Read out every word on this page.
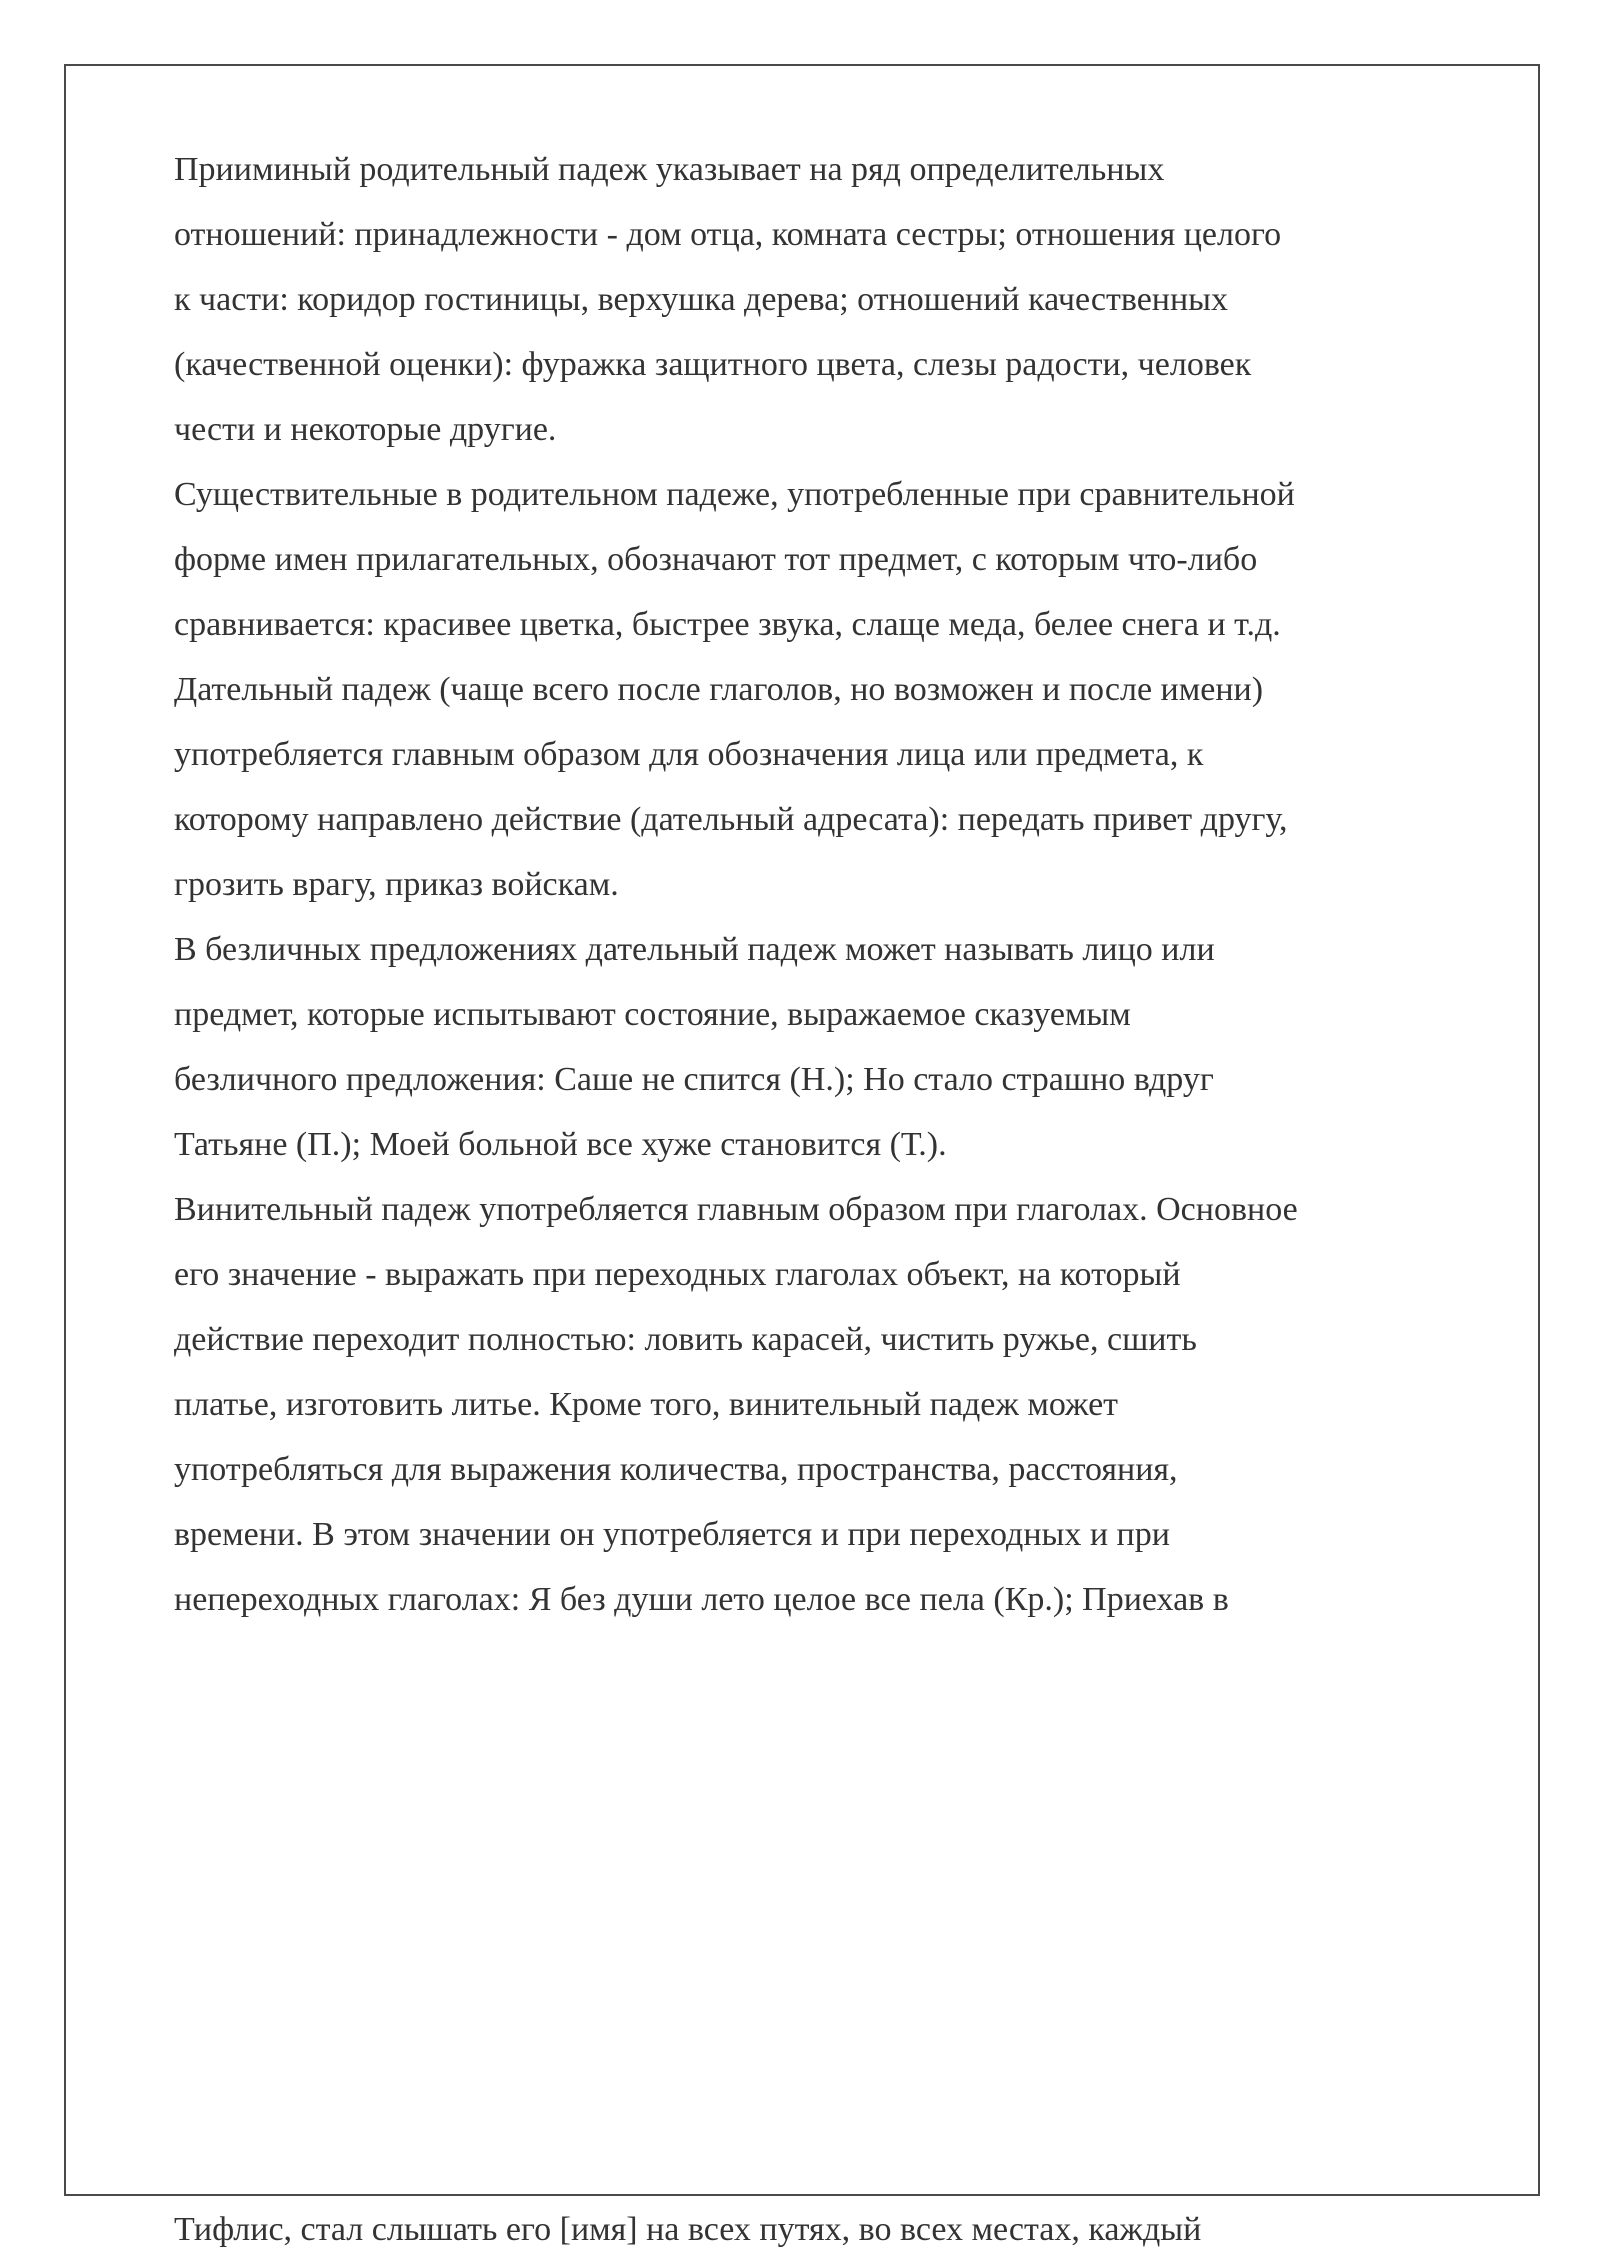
Прииминый родительный падеж указывает на ряд определительных
отношений: принадлежности - дом отца, комната сестры; отношения целого
к части: коридор гостиницы, верхушка дерева; отношений качественных
(качественной оценки): фуражка защитного цвета, слезы радости, человек
чести и некоторые другие.
Существительные в родительном падеже, употребленные при сравнительной
форме имен прилагательных, обозначают тот предмет, с которым что-либо
сравнивается: красивее цветка, быстрее звука, слаще меда, белее снега и т.д.
Дательный падеж (чаще всего после глаголов, но возможен и после имени)
употребляется главным образом для обозначения лица или предмета, к
которому направлено действие (дательный адресата): передать привет другу,
грозить врагу, приказ войскам.
В безличных предложениях дательный падеж может называть лицо или
предмет, которые испытывают состояние, выражаемое сказуемым
безличного предложения: Саше не спится (Н.); Но стало страшно вдруг
Татьяне (П.); Моей больной все хуже становится (Т.).
Винительный падеж употребляется главным образом при глаголах. Основное
его значение - выражать при переходных глаголах объект, на который
действие переходит полностью: ловить карасей, чистить ружье, сшить
платье, изготовить литье. Кроме того, винительный падеж может
употребляться для выражения количества, пространства, расстояния,
времени. В этом значении он употребляется и при переходных и при
непереходных глаголах: Я без души лето целое все пела (Кр.); Приехав в
Тифлис, стал слышать его [имя] на всех путях, во всех местах, каждый
